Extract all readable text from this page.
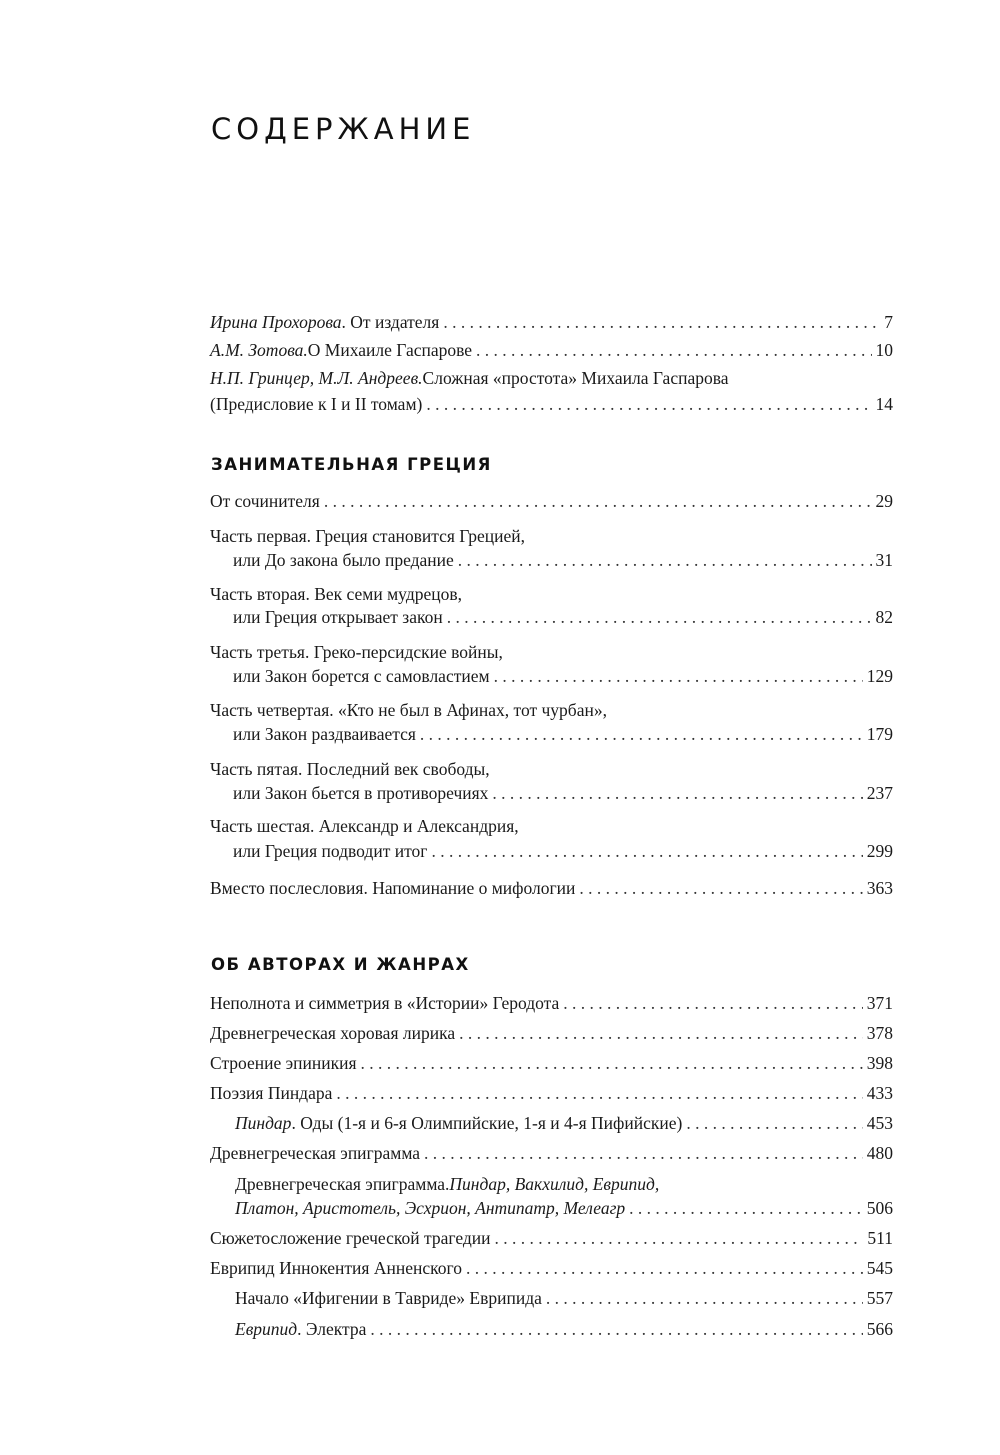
СОДЕРЖАНИЕ
ЗАНИМАТЕЛЬНАЯ ГРЕЦИЯ
ОБ АВТОРАХ И ЖАНРАХ
Ирина Прохорова . От издателя . . .	7
А.М. Зотова. О Михаиле Гаспарове . . .	10
Н.П. Гринцер, М.Л. Андреев. Сложная «простота» Михаила Гаспарова
(Предисловие к I и II томам) . . .	14
От сочинителя . . .	29
Часть первая. Греция становится Грецией,
или До закона было предание . . .	31
Часть вторая. Век семи мудрецов,
или Греция открывает закон . . .	82
Часть третья. Греко-персидские войны,
или Закон борется с самовластием . . .	129
Часть четвертая. «Кто не был в Афинах, тот чурбан»,
или Закон раздваивается . . .	179
Часть пятая. Последний век свободы,
или Закон бьется в противоречиях . . .	237
Часть шестая. Александр и Александрия,
или Греция подводит итог . . .	299
Вместо послесловия. Напоминание о мифологии . . .	363
Неполнота и симметрия в «Истории» Геродота . . .	371
Древнегреческая хоровая лирика . . .	378
Строение эпиникия . . .	398
Поэзия Пиндара . . .	433
Пиндар . Оды (1-я и 6-я Олимпийские, 1-я и 4-я Пифийские) . . .	453
Древнегреческая эпиграмма . . .	480
Древнегреческая эпиграмма. Пиндар, Вакхилид, Еврипид,
Платон, Аристотель, Эсхрион, Антипатр, Мелеагр . . .	506
Сюжетосложение греческой трагедии . . .	511
Еврипид Иннокентия Анненского . . .	545
Начало «Ифигении в Тавриде» Еврипида . . .	557
Еврипид . Электра . . .	566
